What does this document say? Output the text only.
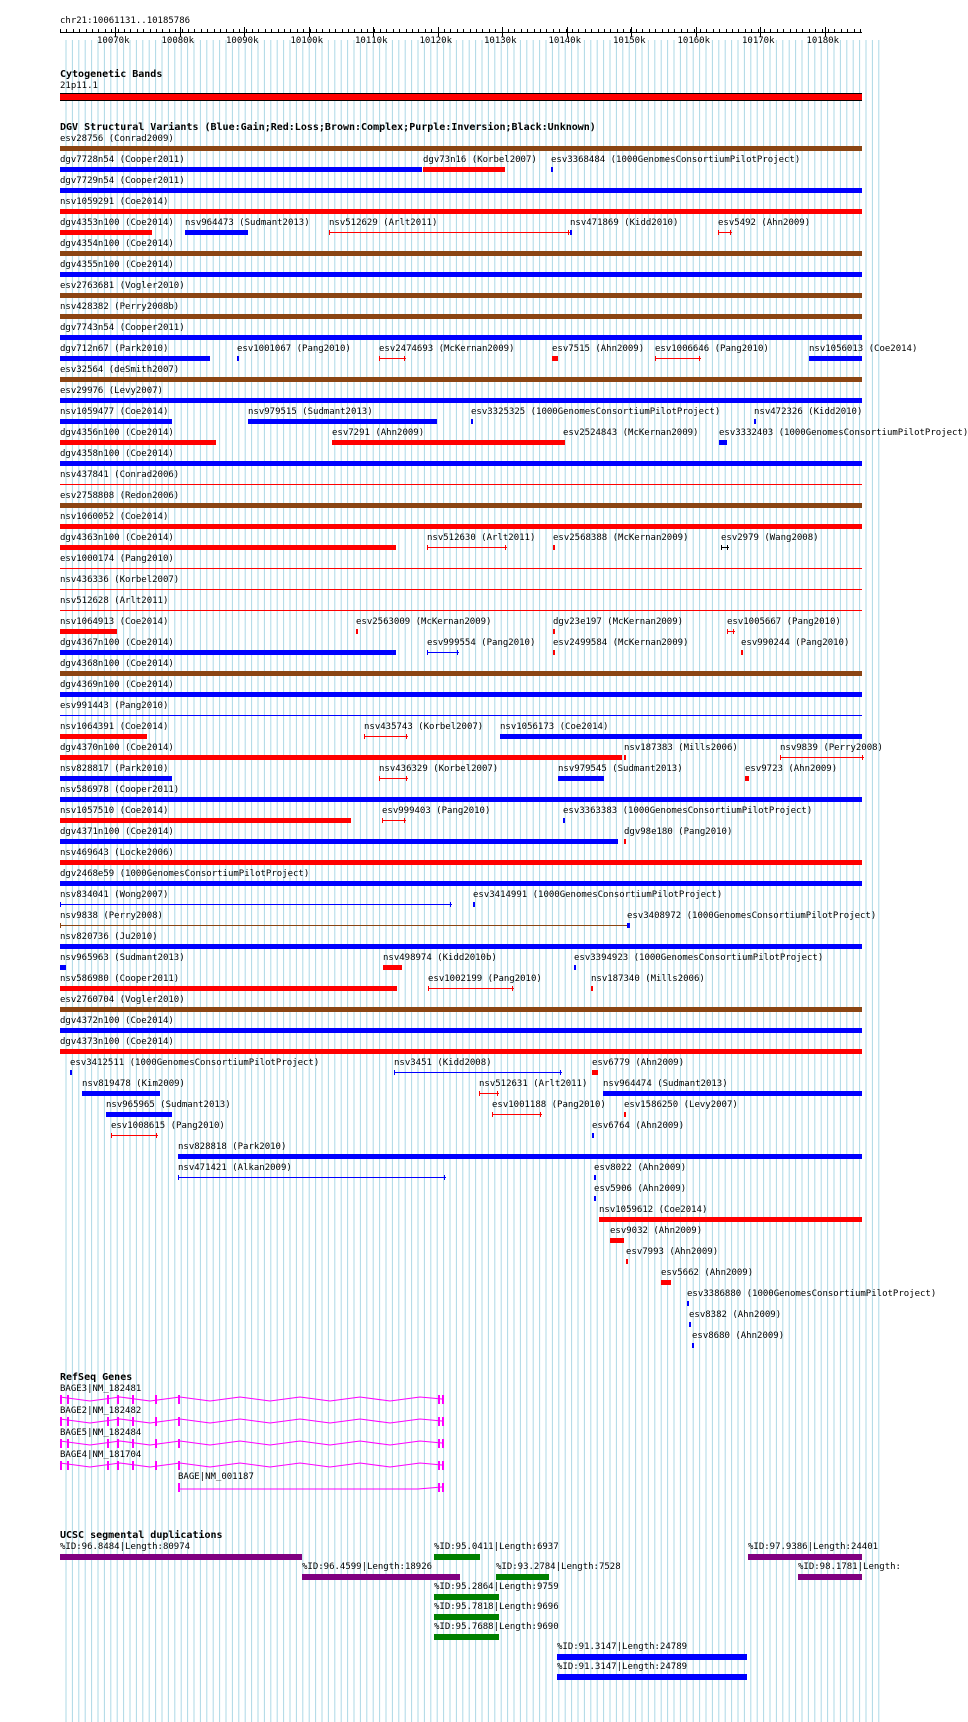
chr21:10061131..10185786
10070k	10080k	10090k	10100k	10110k	10120k	10130k	10140k	10150k	10160k	10170k	10180k
Cytogenetic Bands
21p11.1
DGV Structural Variants (Blue:Gain;Red:Loss;Brown:Complex;Purple:Inversion;Black:Unknown)
esv28756 (Conrad2009)
dgv7728n54 (Cooper2011)	dgv73n16 (Korbel2007) esv3368484 (1000GenomesConsortiumPilotProject)
dgv7729n54 (Cooper2011)
nsv1059291 (Coe2014)
dgv4353n100 (Coe2014) nsv964473 (Sudmant2013) nsv512629 (Arlt2011)	nsv471869 (Kidd2010)	esv5492 (Ahn2009)
dgv4354n100 (Coe2014)
dgv4355n100 (Coe2014)
esv2763681 (Vogler2010)
nsv428382 (Perry2008b)
dgv7743n54 (Cooper2011)
dgv712n67 (Park2010)	esv1001067 (Pang2010)	esv2474693 (McKernan2009)	esv7515 (Ahn2009) esv1006646 (Pang2010)	nsv1056013 (Coe2014)
esv32564 (deSmith2007)
esv29976 (Levy2007)
nsv1059477 (Coe2014)	nsv979515 (Sudmant2013)	esv3325325 (1000GenomesConsortiumPilotProject)	nsv472326 (Kidd2010)
dgv4356n100 (Coe2014)	esv7291 (Ahn2009)	esv2524843 (McKernan2009) esv3332403 (1000GenomesConsortiumPilotProject)
dgv4358n100 (Coe2014)
nsv437841 (Conrad2006)
esv2758808 (Redon2006)
nsv1060052 (Coe2014)
dgv4363n100 (Coe2014)	nsv512630 (Arlt2011) esv2568388 (McKernan2009)	esv2979 (Wang2008)
esv1000174 (Pang2010)
nsv436336 (Korbel2007)
nsv512628 (Arlt2011)
nsv1064913 (Coe2014)	esv2563009 (McKernan2009)	dgv23e197 (McKernan2009)	esv1005667 (Pang2010)
dgv4367n100 (Coe2014)	esv999554 (Pang2010) esv2499584 (McKernan2009)	esv990244 (Pang2010)
dgv4368n100 (Coe2014)
dgv4369n100 (Coe2014)
esv991443 (Pang2010)
nsv1064391 (Coe2014)	nsv435743 (Korbel2007) nsv1056173 (Coe2014)
dgv4370n100 (Coe2014)	nsv187383 (Mills2006)	nsv9839 (Perry2008)
nsv828817 (Park2010)	nsv436329 (Korbel2007)	nsv979545 (Sudmant2013)	esv9723 (Ahn2009)
nsv586978 (Cooper2011)
nsv1057510 (Coe2014)	esv999403 (Pang2010)	esv3363383 (1000GenomesConsortiumPilotProject)
dgv4371n100 (Coe2014)	dgv98e180 (Pang2010)
nsv469643 (Locke2006)
dgv2468e59 (1000GenomesConsortiumPilotProject)
nsv834041 (Wong2007)	esv3414991 (1000GenomesConsortiumPilotProject)
nsv9838 (Perry2008)	esv3408972 (1000GenomesConsortiumPilotProject)
nsv820736 (Ju2010)
nsv965963 (Sudmant2013)	nsv498974 (Kidd2010b)	esv3394923 (1000GenomesConsortiumPilotProject)
nsv586980 (Cooper2011)	esv1002199 (Pang2010)	nsv187340 (Mills2006)
esv2760704 (Vogler2010)
dgv4372n100 (Coe2014)
dgv4373n100 (Coe2014)
esv3412511 (1000GenomesConsortiumPilotProject)	nsv3451 (Kidd2008)	esv6779 (Ahn2009)
nsv819478 (Kim2009)	nsv512631 (Arlt2011) nsv964474 (Sudmant2013)
nsv965965 (Sudmant2013)	esv1001188 (Pang2010) esv1586250 (Levy2007)
esv1008615 (Pang2010)	esv6764 (Ahn2009)
nsv828818 (Park2010)
nsv471421 (Alkan2009)	esv8022 (Ahn2009)
esv5906 (Ahn2009)
nsv1059612 (Coe2014)
esv9032 (Ahn2009)
esv7993 (Ahn2009)
esv5662 (Ahn2009)
esv3386880 (1000GenomesConsortiumPilotProject)
esv8382 (Ahn2009)
esv8680 (Ahn2009)
RefSeq Genes
BAGE3|NM_182481
BAGE2|NM_182482
BAGE5|NM_182484
BAGE4|NM_181704
BAGE|NM_001187
UCSC segmental duplications
%ID:96.8484|Length:80974	%ID:95.0411|Length:6937	%ID:97.9386|Length:24401
%ID:96.4599|Length:18926	%ID:93.2784|Length:7528	%ID:98.1781|Length:
%ID:95.2864|Length:9759
%ID:95.7818|Length:9696
%ID:95.7688|Length:9690
%ID:91.3147|Length:24789
%ID:91.3147|Length:24789
